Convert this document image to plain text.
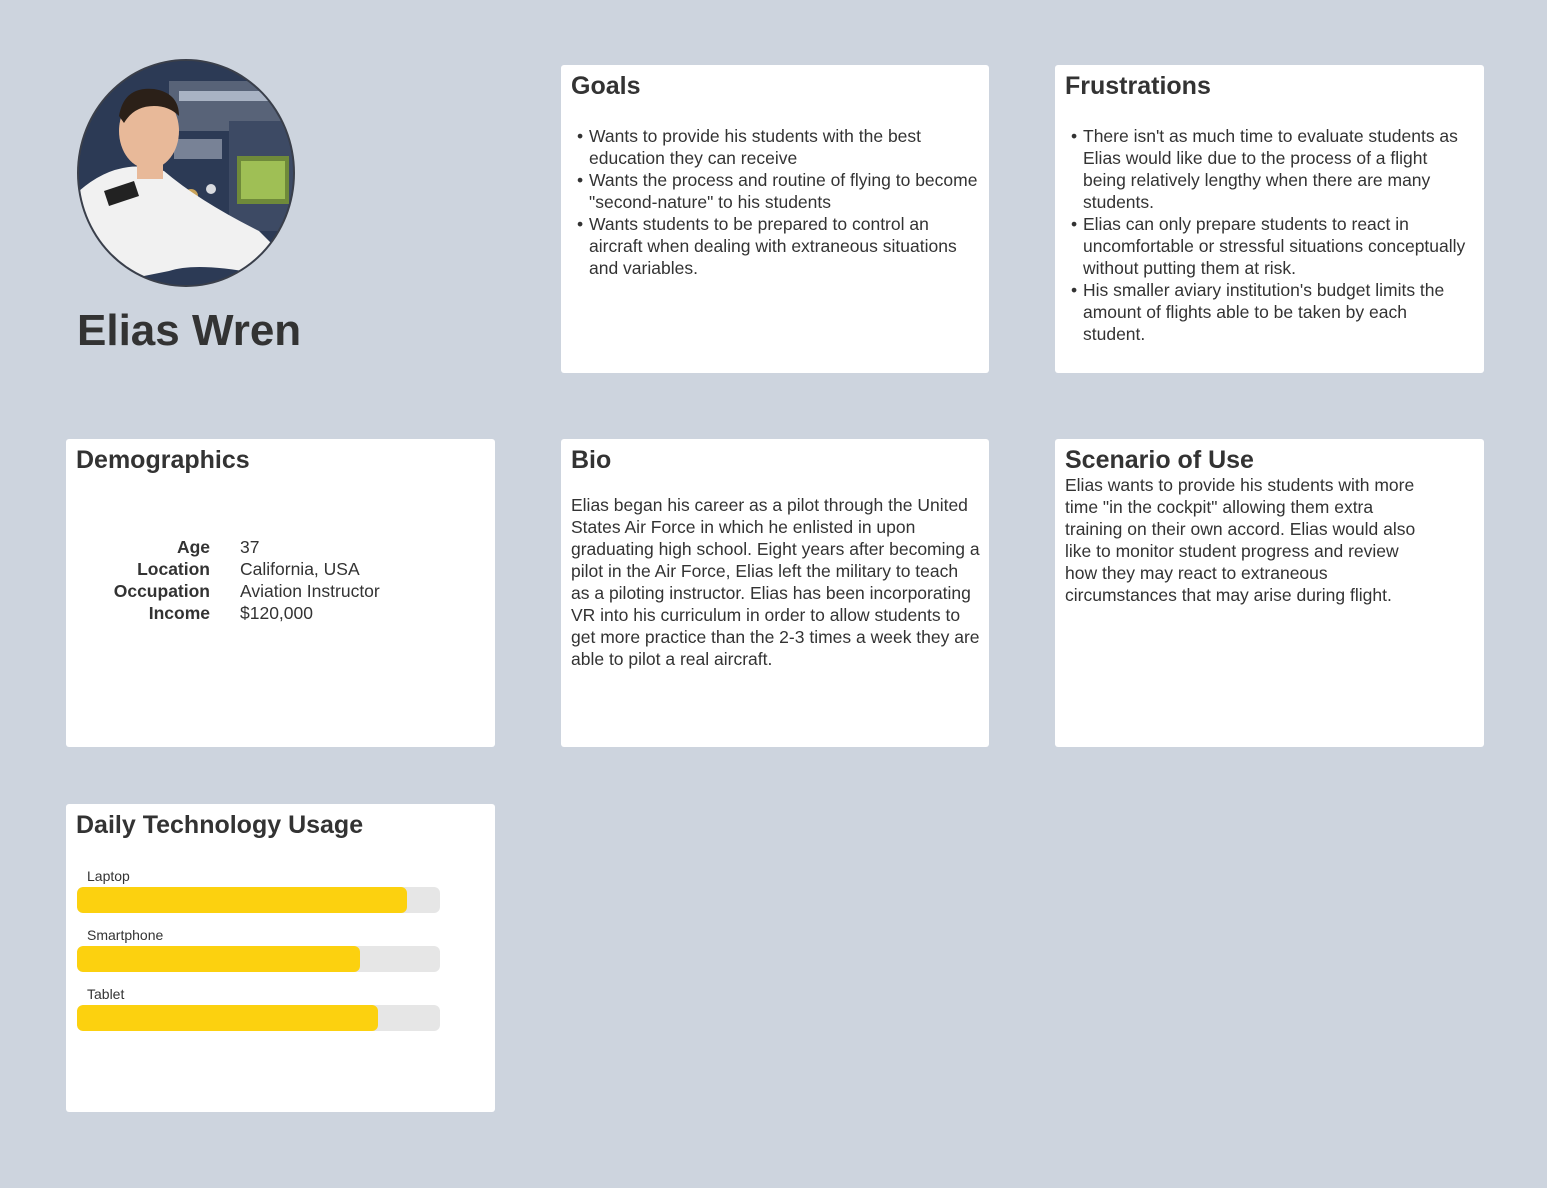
Elias Wren
Goals
• Wants to provide his students with the best education they can receive
• Wants the process and routine of flying to become "second-nature" to his students
• Wants students to be prepared to control an aircraft when dealing with extraneous situations and variables.
Frustrations
• There isn't as much time to evaluate students as Elias would like due to the process of a flight being relatively lengthy when there are many students.
• Elias can only prepare students to react in uncomfortable or stressful situations conceptually without putting them at risk.
• His smaller aviary institution's budget limits the amount of flights able to be taken by each student.
Demographics
Age 37
Location California, USA
Occupation Aviation Instructor
Income $120,000
Bio
Elias began his career as a pilot through the United States Air Force in which he enlisted in upon graduating high school. Eight years after becoming a pilot in the Air Force, Elias left the military to teach as a piloting instructor. Elias has been incorporating VR into his curriculum in order to allow students to get more practice than the 2-3 times a week they are able to pilot a real aircraft.
Scenario of Use
Elias wants to provide his students with more time "in the cockpit" allowing them extra training on their own accord. Elias would also like to monitor student progress and review how they may react to extraneous circumstances that may arise during flight.
Daily Technology Usage
Laptop
Smartphone
Tablet
